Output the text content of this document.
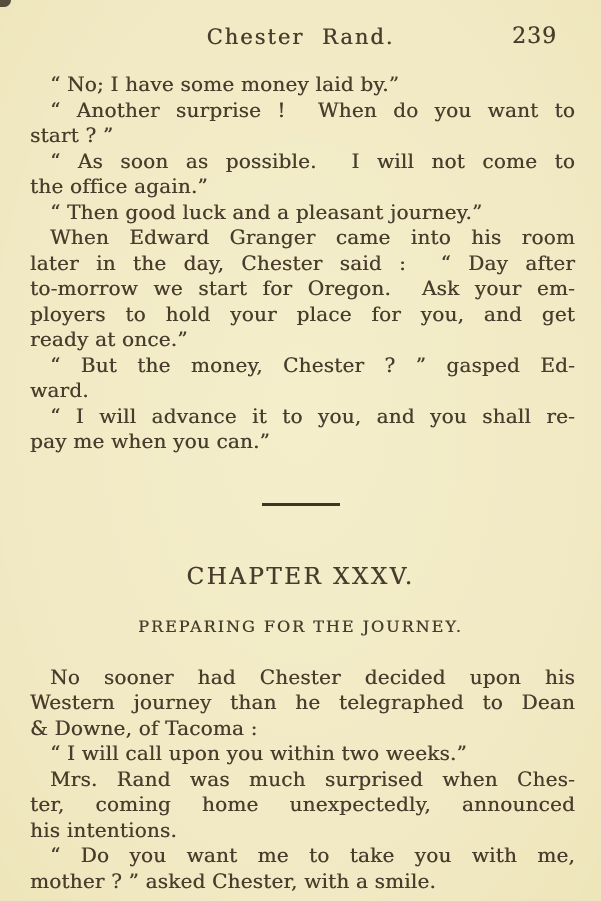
Chester Rand.	239
“ No; I have some money laid by.”
“ Another surprise !  When do you want to
start ? ”
“ As soon as possible.  I will not come to
the office again.”
“ Then good luck and a pleasant journey.”
When Edward Granger came into his room
later in the day, Chester said :  “ Day after
to-morrow we start for Oregon.  Ask your em-
ployers to hold your place for you, and get
ready at once.”
“ But the money, Chester ? ” gasped Ed-
ward.
“ I will advance it to you, and you shall re-
pay me when you can.”
CHAPTER XXXV.
PREPARING FOR THE JOURNEY.
No sooner had Chester decided upon his
Western journey than he telegraphed to Dean
& Downe, of Tacoma :
“ I will call upon you within two weeks.”
Mrs. Rand was much surprised when Ches-
ter, coming home unexpectedly, announced
his intentions.
“ Do you want me to take you with me,
mother ? ” asked Chester, with a smile.
